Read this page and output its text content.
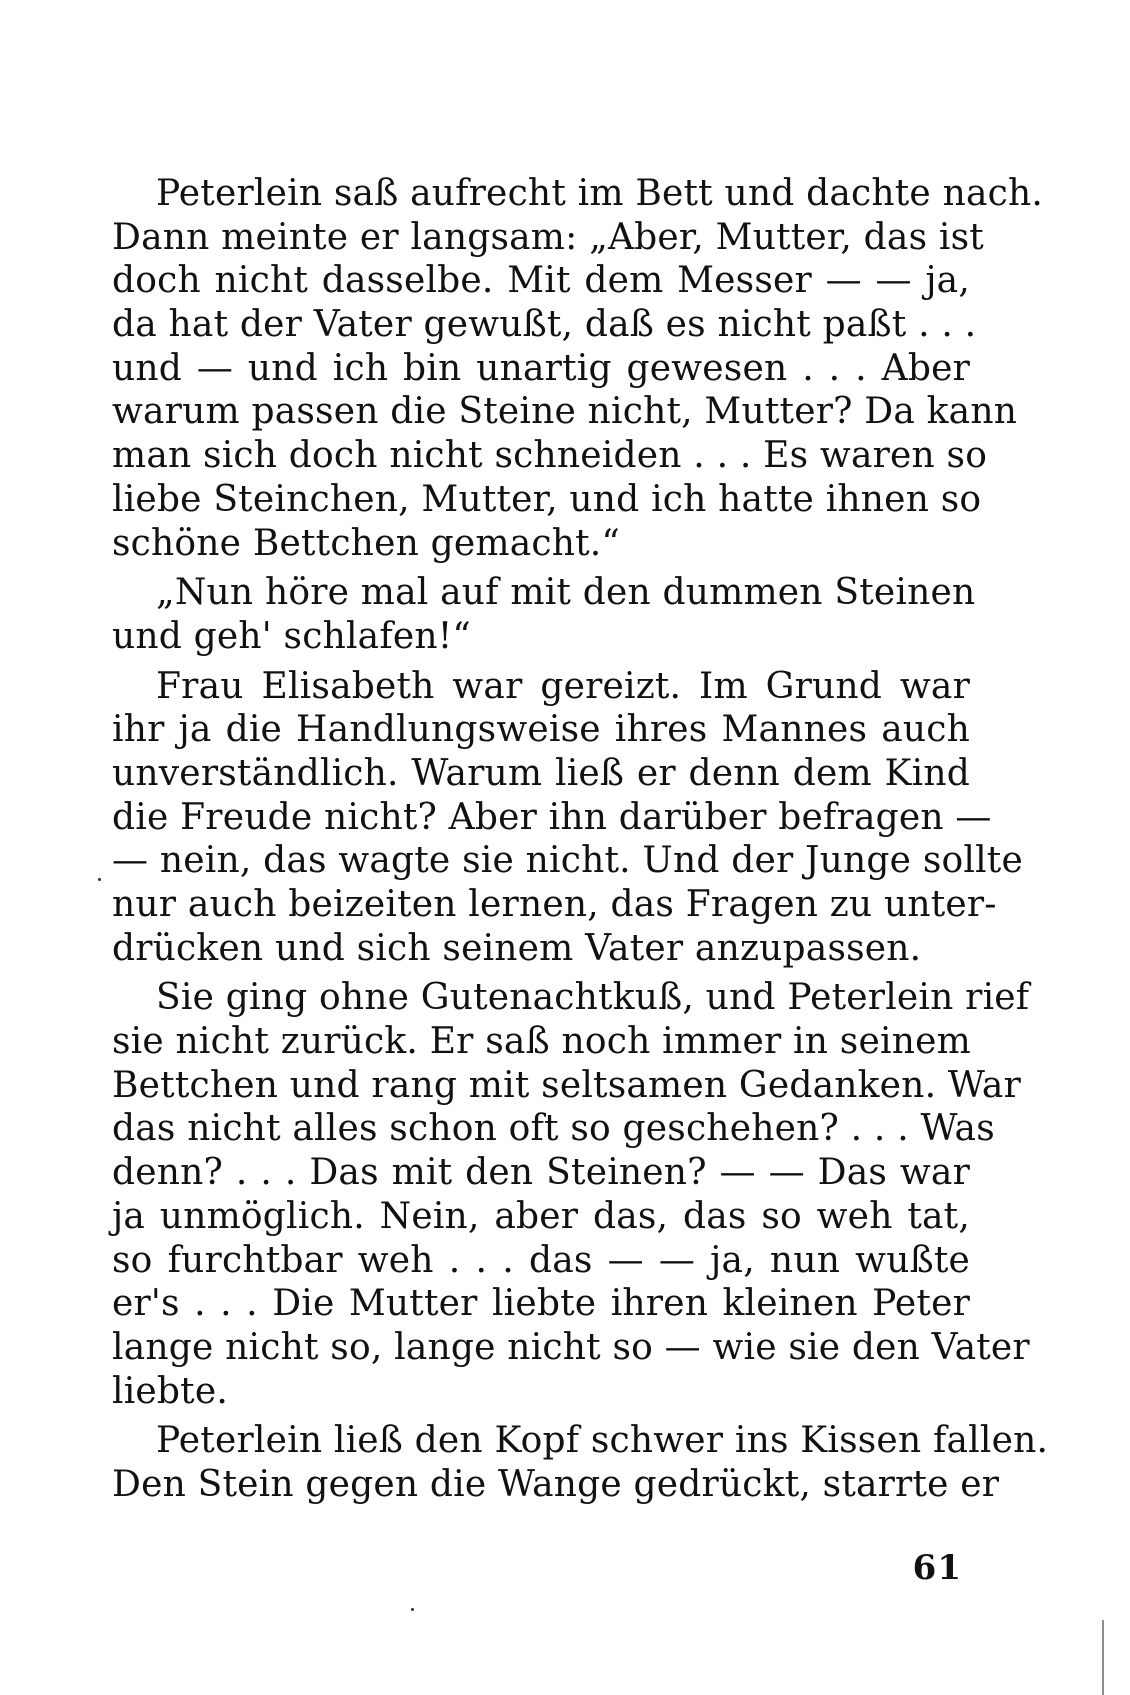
Peterlein saß aufrecht im Bett und dachte nach.
Dann meinte er langsam: „Aber, Mutter, das ist
doch nicht dasselbe. Mit dem Messer — — ja,
da hat der Vater gewußt, daß es nicht paßt . . .
und — und ich bin unartig gewesen . . . Aber
warum passen die Steine nicht, Mutter? Da kann
man sich doch nicht schneiden . . . Es waren so
liebe Steinchen, Mutter, und ich hatte ihnen so
schöne Bettchen gemacht.“
„Nun höre mal auf mit den dummen Steinen
und geh' schlafen!“
Frau Elisabeth war gereizt. Im Grund war
ihr ja die Handlungsweise ihres Mannes auch
unverständlich. Warum ließ er denn dem Kind
die Freude nicht? Aber ihn darüber befragen —
— nein, das wagte sie nicht. Und der Junge sollte
nur auch beizeiten lernen, das Fragen zu unter-
drücken und sich seinem Vater anzupassen.
Sie ging ohne Gutenachtkuß, und Peterlein rief
sie nicht zurück. Er saß noch immer in seinem
Bettchen und rang mit seltsamen Gedanken. War
das nicht alles schon oft so geschehen? . . . Was
denn? . . . Das mit den Steinen? — — Das war
ja unmöglich. Nein, aber das, das so weh tat,
so furchtbar weh . . . das — — ja, nun wußte
er's . . . Die Mutter liebte ihren kleinen Peter
lange nicht so, lange nicht so — wie sie den Vater
liebte.
Peterlein ließ den Kopf schwer ins Kissen fallen.
Den Stein gegen die Wange gedrückt, starrte er
61
